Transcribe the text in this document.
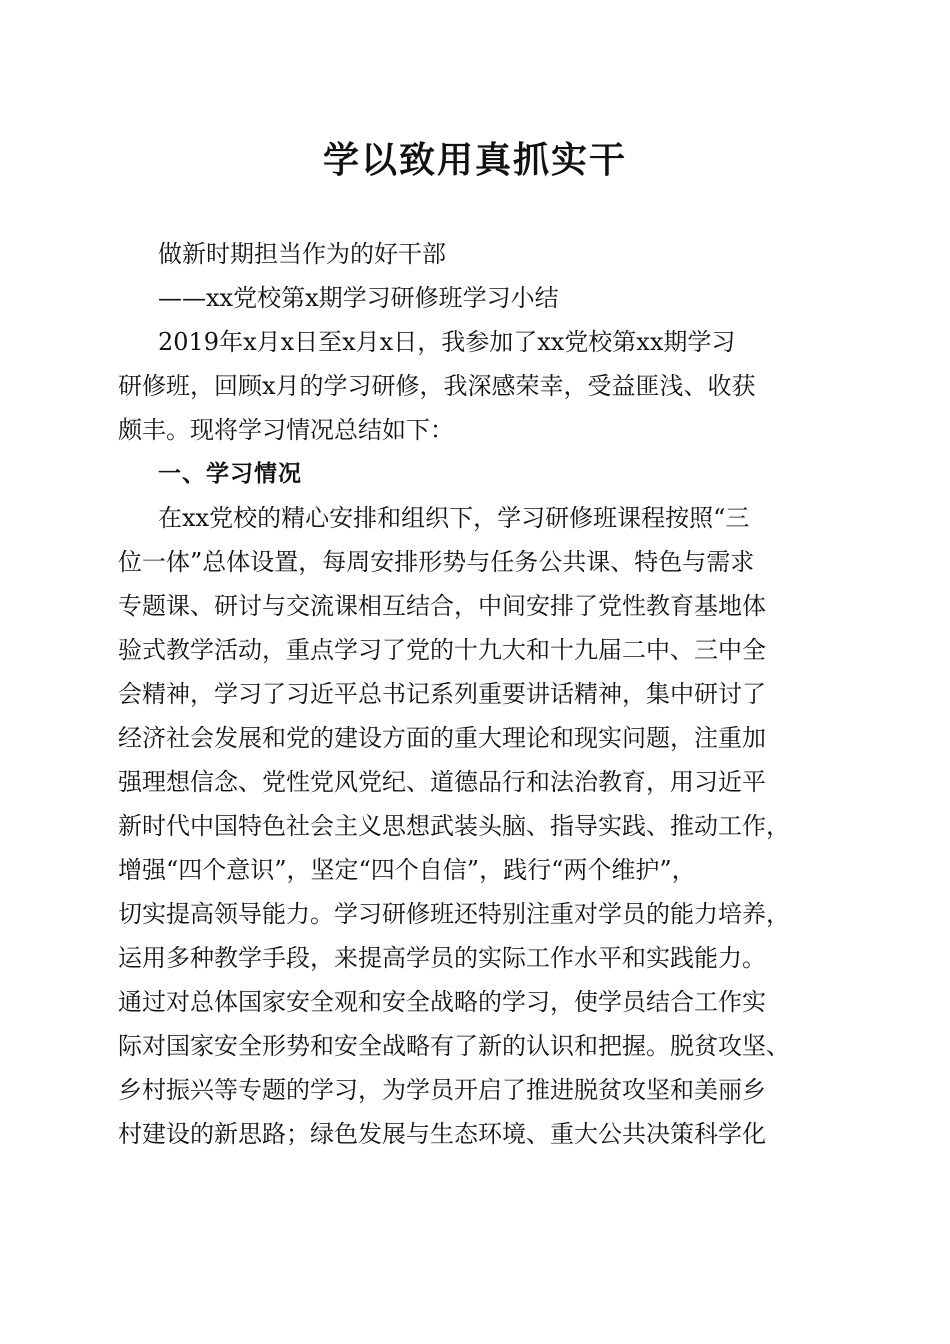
学以致用真抓实干
做新时期担当作为的好干部
——xx党校第x期学习研修班学习小结
2019年x月x日至x月x日，我参加了xx党校第xx期学习
研修班，回顾x月的学习研修，我深感荣幸，受益匪浅、收获
颇丰。现将学习情况总结如下：
一、学习情况
在xx党校的精心安排和组织下，学习研修班课程按照“三
位一体”总体设置，每周安排形势与任务公共课、特色与需求
专题课、研讨与交流课相互结合，中间安排了党性教育基地体
验式教学活动，重点学习了党的十九大和十九届二中、三中全
会精神，学习了习近平总书记系列重要讲话精神，集中研讨了
经济社会发展和党的建设方面的重大理论和现实问题，注重加
强理想信念、党性党风党纪、道德品行和法治教育，用习近平
新时代中国特色社会主义思想武装头脑、指导实践、推动工作，
增强“四个意识”，坚定“四个自信”，践行“两个维护”，
切实提高领导能力。学习研修班还特别注重对学员的能力培养，
运用多种教学手段，来提高学员的实际工作水平和实践能力。
通过对总体国家安全观和安全战略的学习，使学员结合工作实
际对国家安全形势和安全战略有了新的认识和把握。脱贫攻坚、
乡村振兴等专题的学习，为学员开启了推进脱贫攻坚和美丽乡
村建设的新思路；绿色发展与生态环境、重大公共决策科学化
